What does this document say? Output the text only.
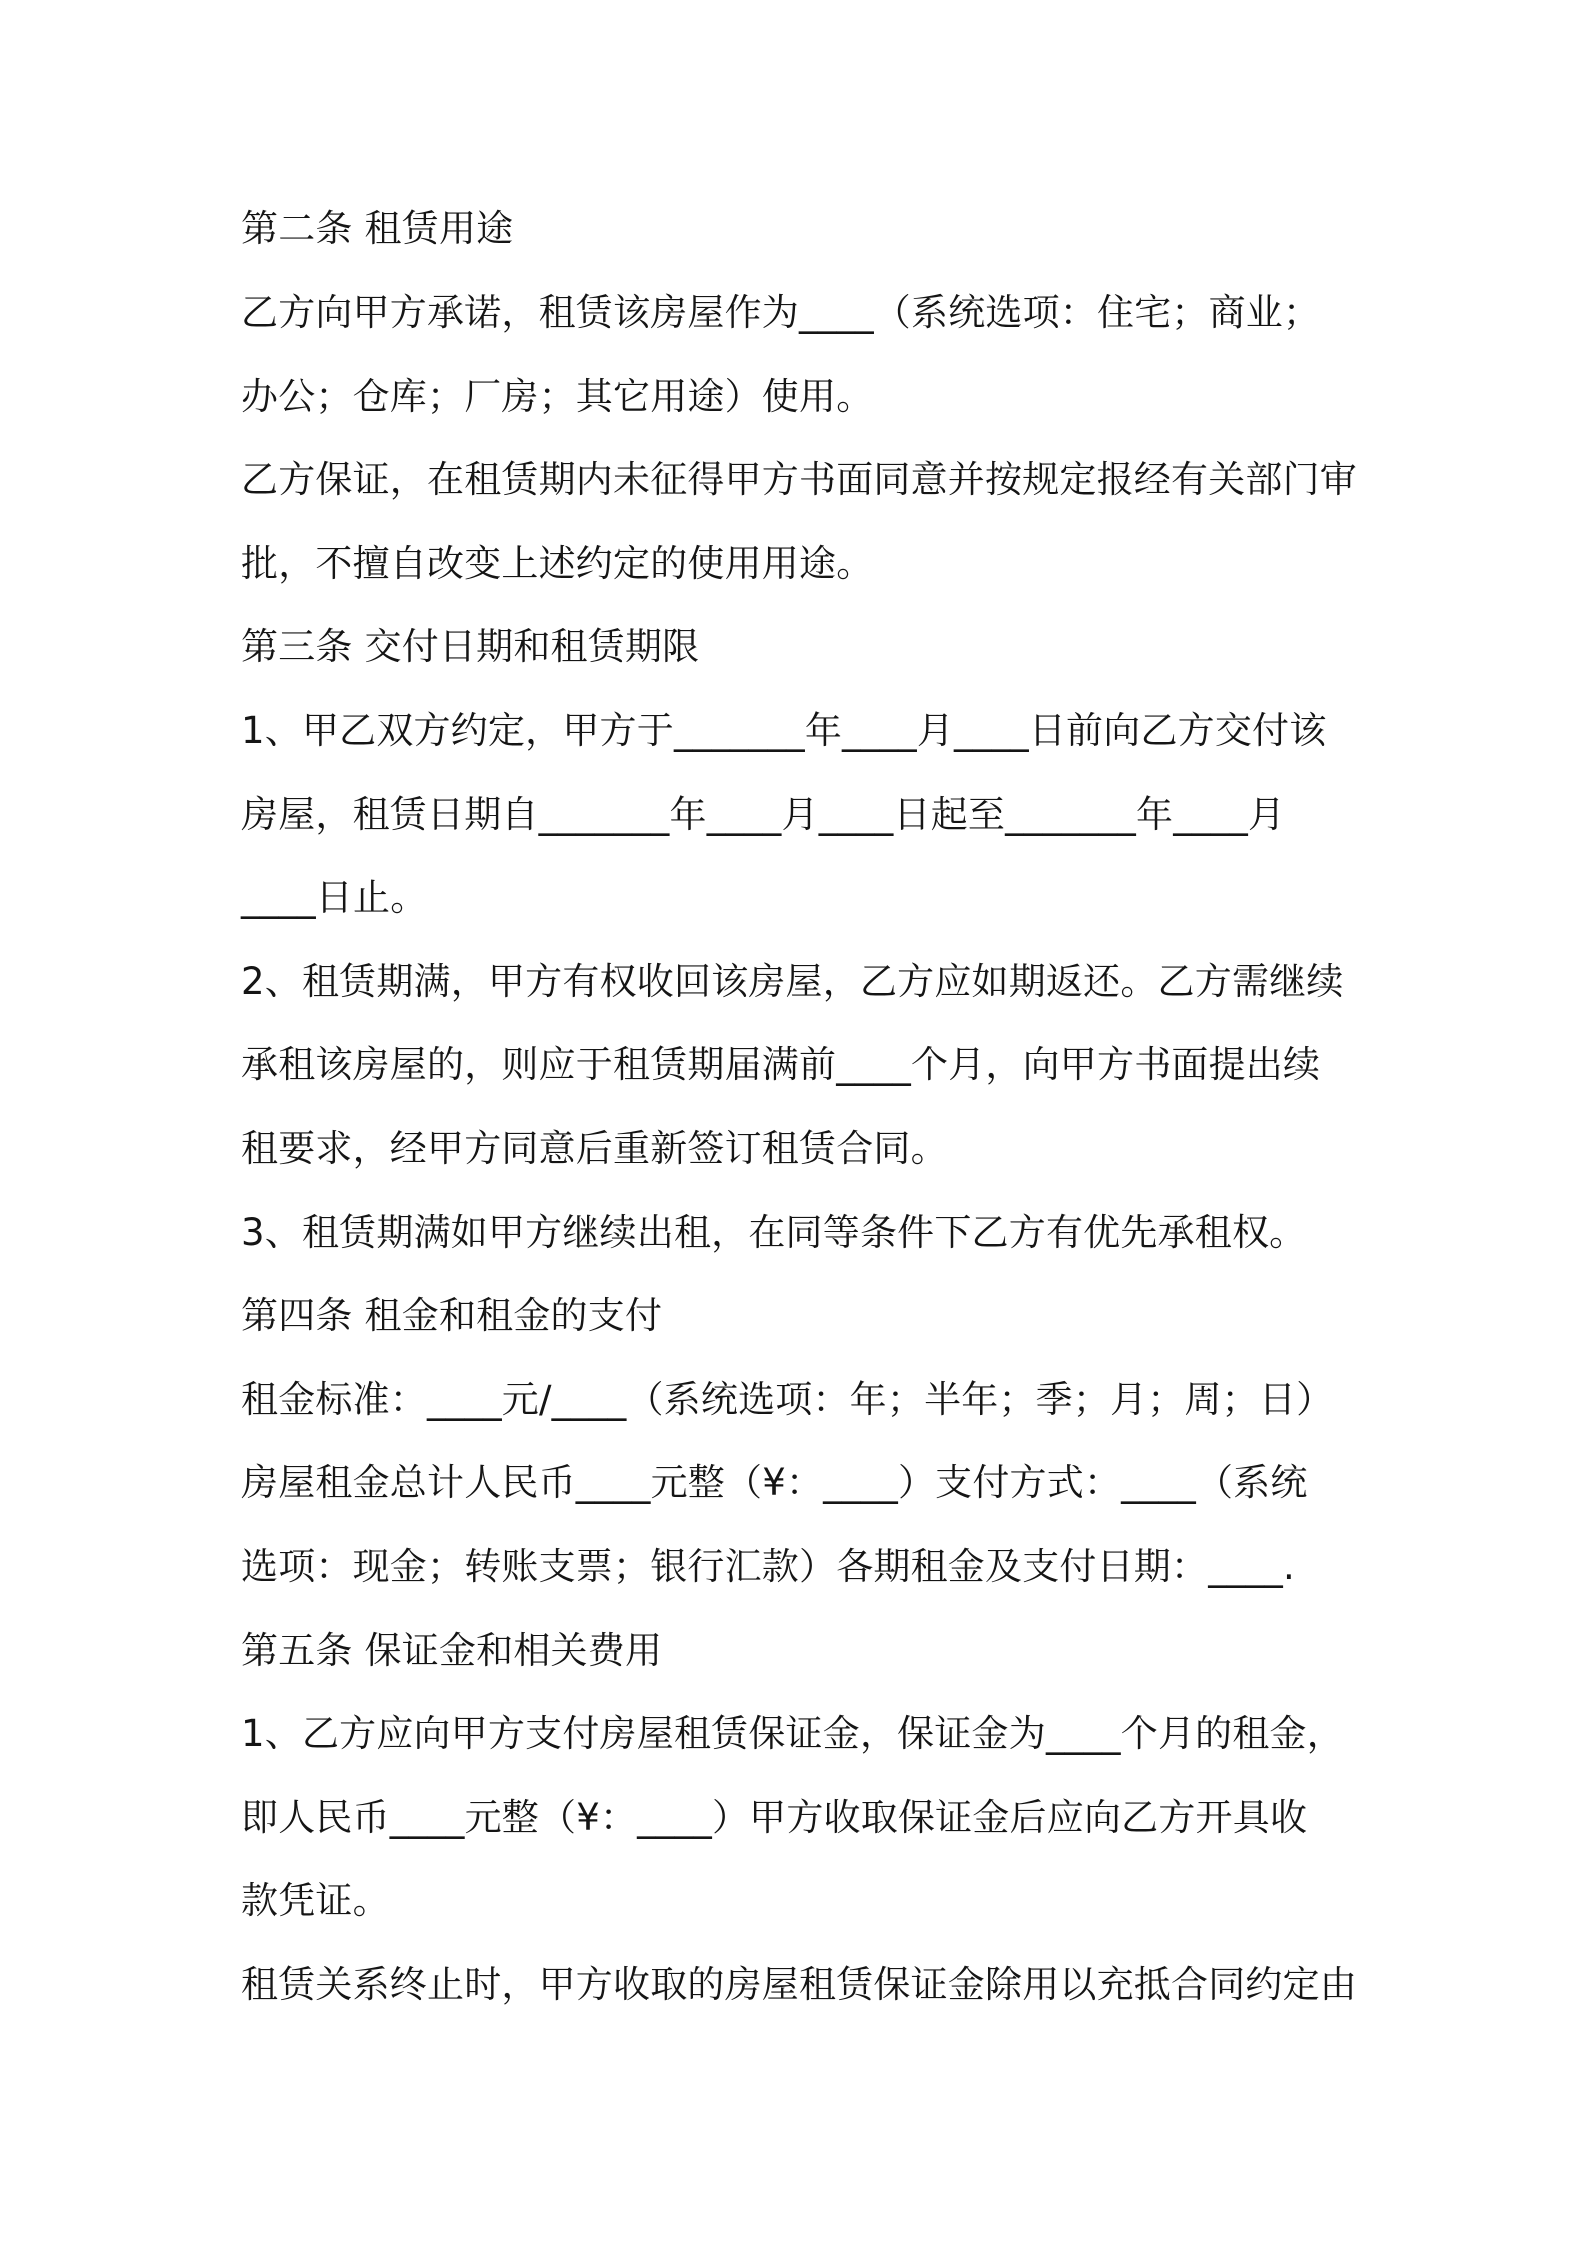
第二条 租赁用途
乙方向甲方承诺，租赁该房屋作为____（系统选项：住宅；商业；
办公；仓库；厂房；其它用途）使用。
乙方保证，在租赁期内未征得甲方书面同意并按规定报经有关部门审
批，不擅自改变上述约定的使用用途。
第三条 交付日期和租赁期限
1、甲乙双方约定，甲方于_______年____月____日前向乙方交付该
房屋，租赁日期自_______年____月____日起至_______年____月
____日止。
2、租赁期满，甲方有权收回该房屋，乙方应如期返还。乙方需继续
承租该房屋的，则应于租赁期届满前____个月，向甲方书面提出续
租要求，经甲方同意后重新签订租赁合同。
3、租赁期满如甲方继续出租，在同等条件下乙方有优先承租权。
第四条 租金和租金的支付
租金标准：____元/____（系统选项：年；半年；季；月；周；日）
房屋租金总计人民币____元整（¥：____）支付方式：____（系统
选项：现金；转账支票；银行汇款）各期租金及支付日期：____.
第五条 保证金和相关费用
1、乙方应向甲方支付房屋租赁保证金，保证金为____个月的租金，
即人民币____元整（¥：____）甲方收取保证金后应向乙方开具收
款凭证。
租赁关系终止时，甲方收取的房屋租赁保证金除用以充抵合同约定由
